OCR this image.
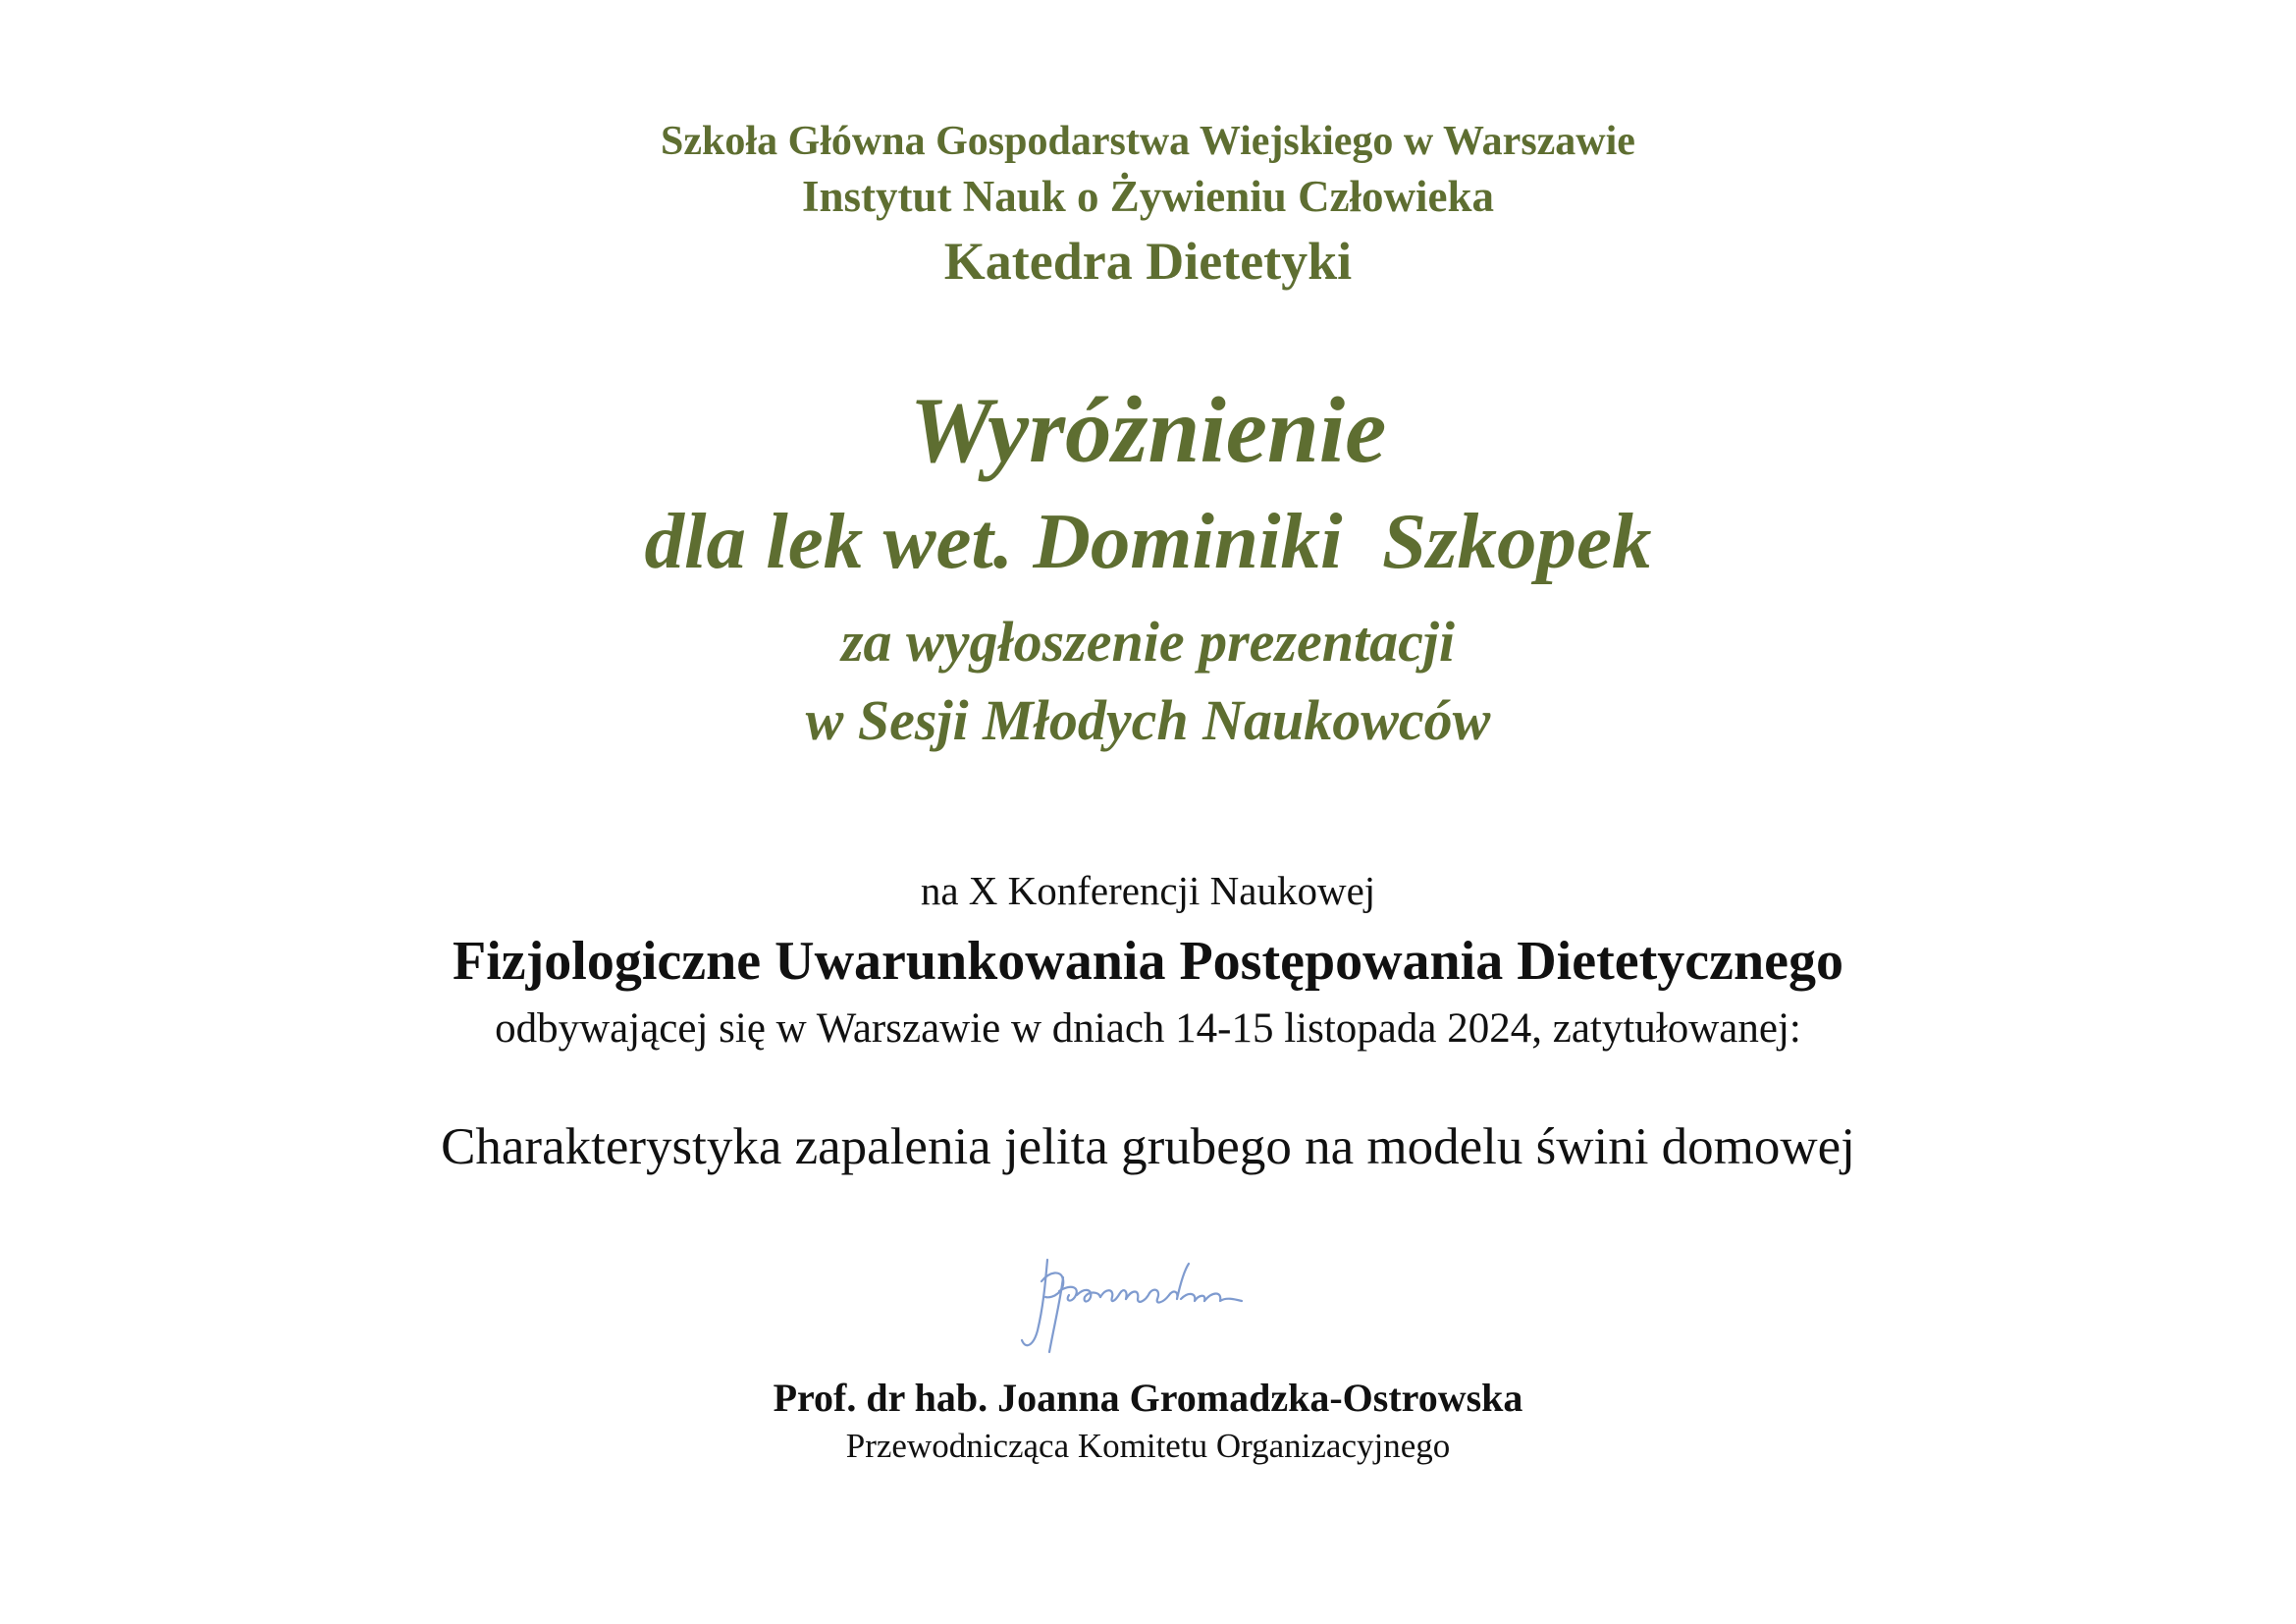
Szkoła Główna Gospodarstwa Wiejskiego w Warszawie

Instytut Nauk o Żywieniu Człowieka

Katedra Dietetyki

Wyróżnienie

dla lek wet. Dominiki  Szkopek

za wygłoszenie prezentacji

w Sesji Młodych Naukowców

na X Konferencji Naukowej

Fizjologiczne Uwarunkowania Postępowania Dietetycznego

odbywającej się w Warszawie w dniach 14-15 listopada 2024, zatytułowanej:

Charakterystyka zapalenia jelita grubego na modelu świni domowej

Prof. dr hab. Joanna Gromadzka-Ostrowska

Przewodnicząca Komitetu Organizacyjnego
